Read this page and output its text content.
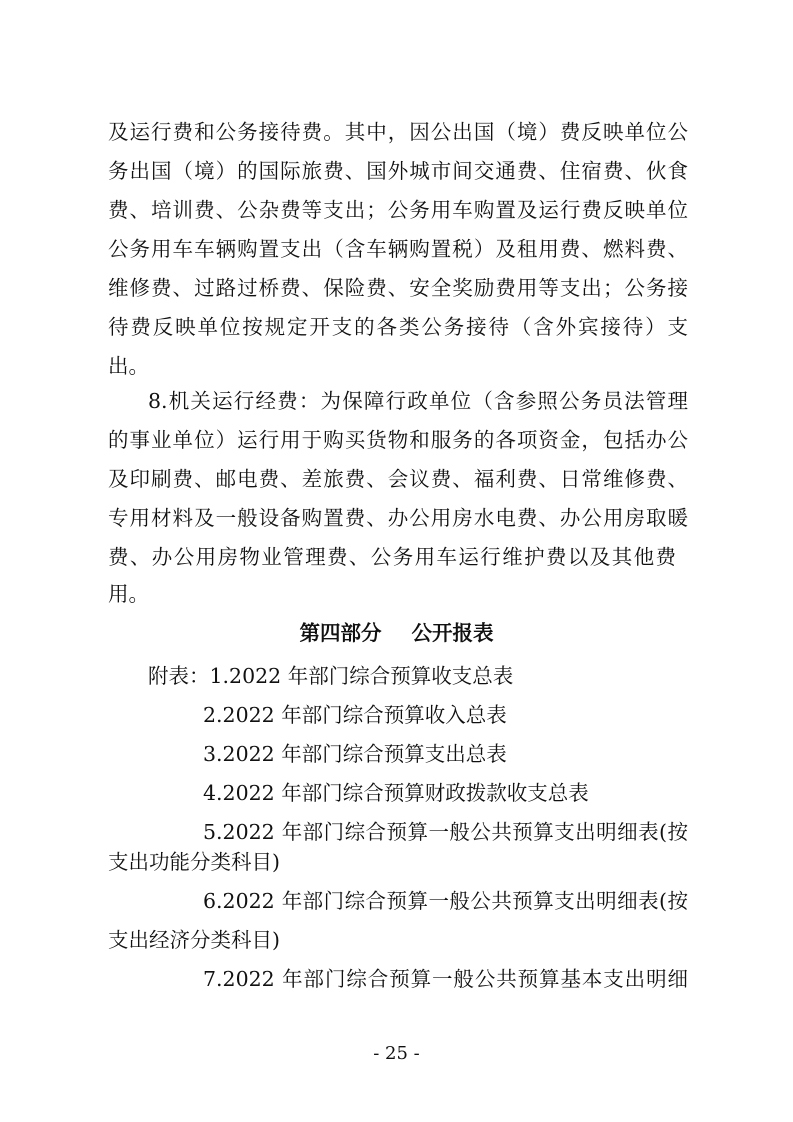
及运行费和公务接待费。其中，因公出国（境）费反映单位公
务出国（境）的国际旅费、国外城市间交通费、住宿费、伙食
费、培训费、公杂费等支出；公务用车购置及运行费反映单位
公务用车车辆购置支出（含车辆购置税）及租用费、燃料费、
维修费、过路过桥费、保险费、安全奖励费用等支出；公务接
待费反映单位按规定开支的各类公务接待（含外宾接待）支
出。
8.机关运行经费：为保障行政单位（含参照公务员法管理
的事业单位）运行用于购买货物和服务的各项资金，包括办公
及印刷费、邮电费、差旅费、会议费、福利费、日常维修费、
专用材料及一般设备购置费、办公用房水电费、办公用房取暖
费、办公用房物业管理费、公务用车运行维护费以及其他费
用。
第四部分 公开报表
附表：1.2022 年部门综合预算收支总表
2.2022 年部门综合预算收入总表
3.2022 年部门综合预算支出总表
4.2022 年部门综合预算财政拨款收支总表
5.2022 年部门综合预算一般公共预算支出明细表(按
支出功能分类科目)
6.2022 年部门综合预算一般公共预算支出明细表(按
支出经济分类科目)
7.2022 年部门综合预算一般公共预算基本支出明细
- 25 -
